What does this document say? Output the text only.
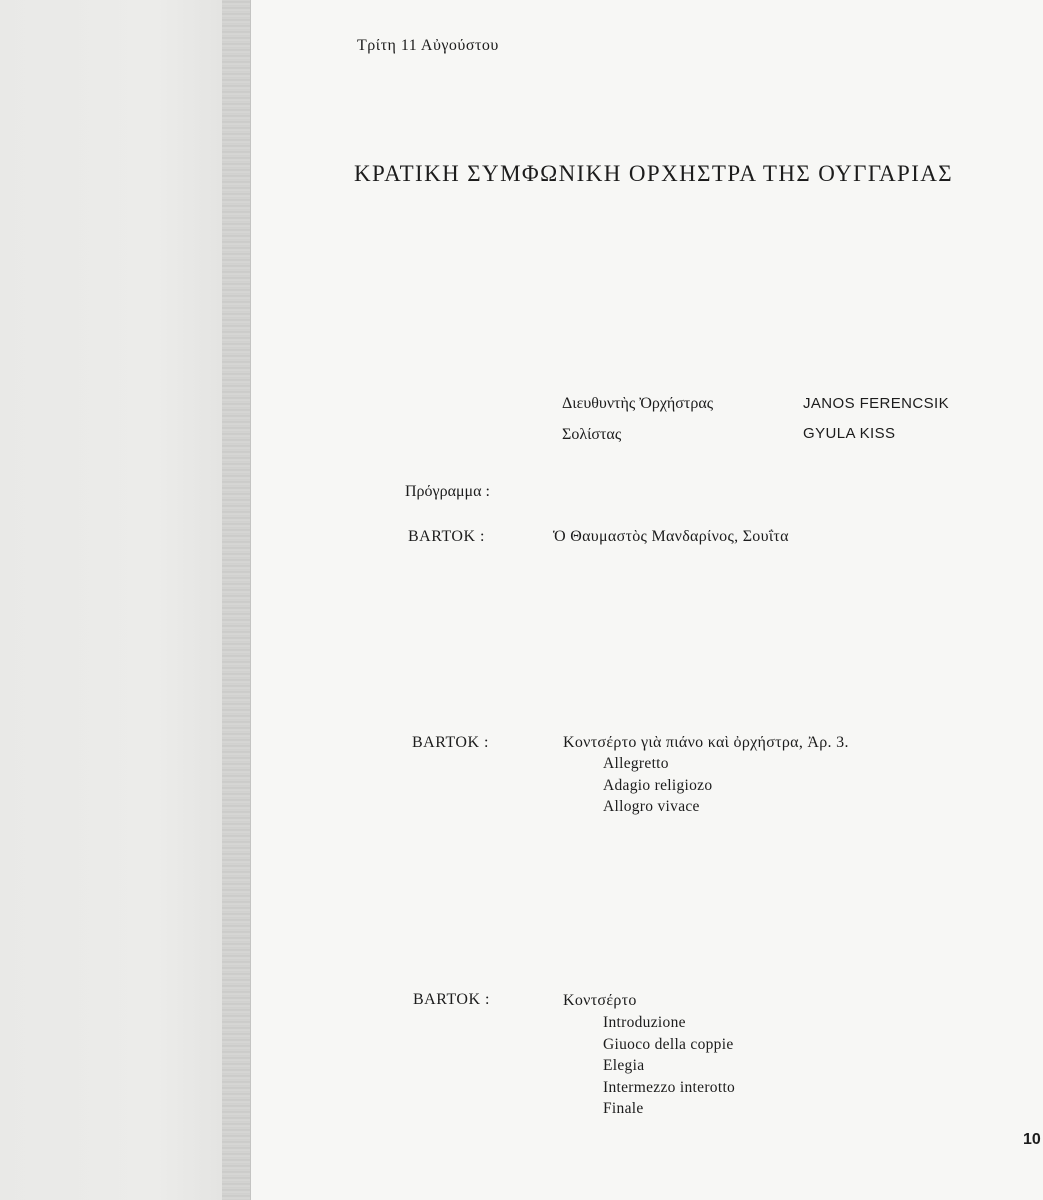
Τρίτη 11 Αὐγούστου
ΚΡΑΤΙΚΗ ΣΥΜΦΩΝΙΚΗ ΟΡΧΗΣΤΡΑ ΤΗΣ ΟΥΓΓΑΡΙΑΣ
Διευθυντὴς Ὀρχήστρας	JANOS FERENCSIK
Σολίστας	GYULA KISS
Πρόγραμμα :
BARTOK :	Ὁ Θαυμαστὸς Μανδαρίνος, Σουΐτα
BARTOK :	Κοντσέρτο γιὰ πιάνο καὶ ὀρχήστρα, Ἀρ. 3.
Allegretto
Adagio religiozo
Allogro vivace
BARTOK :	Κοντσέρτο
Introduzione
Giuoco della coppie
Elegia
Intermezzo interotto
Finale
10
